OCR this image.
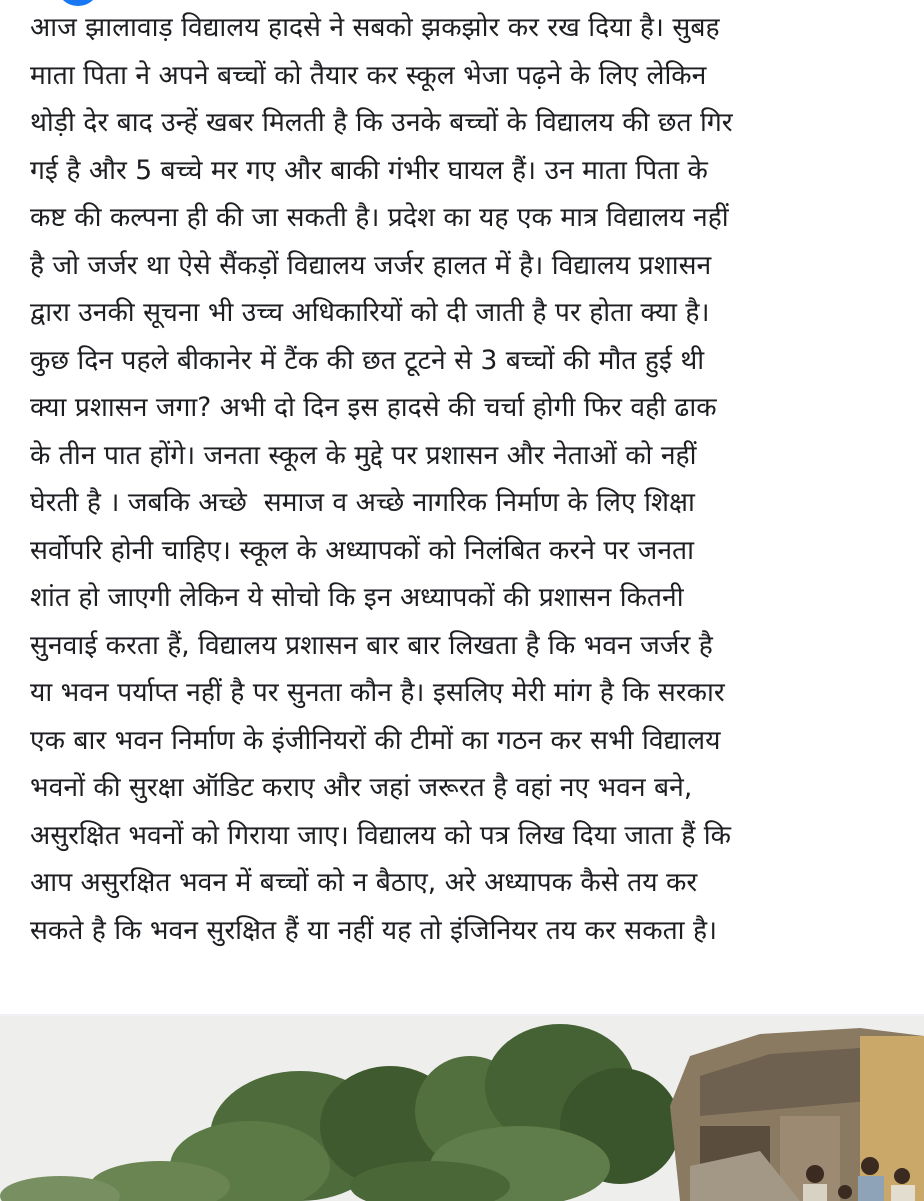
आज झालावाड़ विद्यालय हादसे ने सबको झकझोर कर रख दिया है। सुबह
माता पिता ने अपने बच्चों को तैयार कर स्कूल भेजा पढ़ने के लिए लेकिन
थोड़ी देर बाद उन्हें खबर मिलती है कि उनके बच्चों के विद्यालय की छत गिर
गई है और 5 बच्चे मर गए और बाकी गंभीर घायल हैं। उन माता पिता के
कष्ट की कल्पना ही की जा सकती है। प्रदेश का यह एक मात्र विद्यालय नहीं
है जो जर्जर था ऐसे सैंकड़ों विद्यालय जर्जर हालत में है। विद्यालय प्रशासन
द्वारा उनकी सूचना भी उच्च अधिकारियों को दी जाती है पर होता क्या है।
कुछ दिन पहले बीकानेर में टैंक की छत टूटने से 3 बच्चों की मौत हुई थी
क्या प्रशासन जगा? अभी दो दिन इस हादसे की चर्चा होगी फिर वही ढाक
के तीन पात होंगे। जनता स्कूल के मुद्दे पर प्रशासन और नेताओं को नहीं
घेरती है । जबकि अच्छे  समाज व अच्छे नागरिक निर्माण के लिए शिक्षा
सर्वोपरि होनी चाहिए। स्कूल के अध्यापकों को निलंबित करने पर जनता
शांत हो जाएगी लेकिन ये सोचो कि इन अध्यापकों की प्रशासन कितनी
सुनवाई करता हैं, विद्यालय प्रशासन बार बार लिखता है कि भवन जर्जर है
या भवन पर्याप्त नहीं है पर सुनता कौन है। इसलिए मेरी मांग है कि सरकार
एक बार भवन निर्माण के इंजीनियरों की टीमों का गठन कर सभी विद्यालय
भवनों की सुरक्षा ऑडिट कराए और जहां जरूरत है वहां नए भवन बने,
असुरक्षित भवनों को गिराया जाए। विद्यालय को पत्र लिख दिया जाता हैं कि
आप असुरक्षित भवन में बच्चों को न बैठाए, अरे अध्यापक कैसे तय कर
सकते है कि भवन सुरक्षित हैं या नहीं यह तो इंजिनियर तय कर सकता है।
